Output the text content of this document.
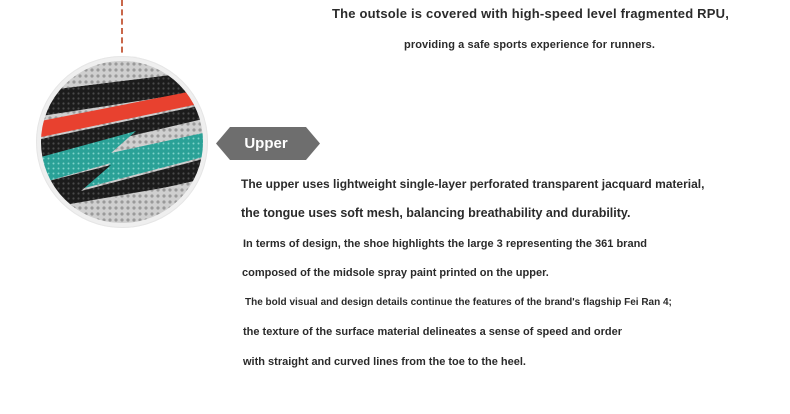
The outsole is covered with high-speed level fragmented RPU,

providing a safe sports experience for runners.

Upper

The upper uses lightweight single-layer perforated transparent jacquard material,

the tongue uses soft mesh, balancing breathability and durability.

In terms of design, the shoe highlights the large 3 representing the 361 brand

composed of the midsole spray paint printed on the upper.

The bold visual and design details continue the features of the brand's flagship Fei Ran 4;

the texture of the surface material delineates a sense of speed and order

with straight and curved lines from the toe to the heel.
